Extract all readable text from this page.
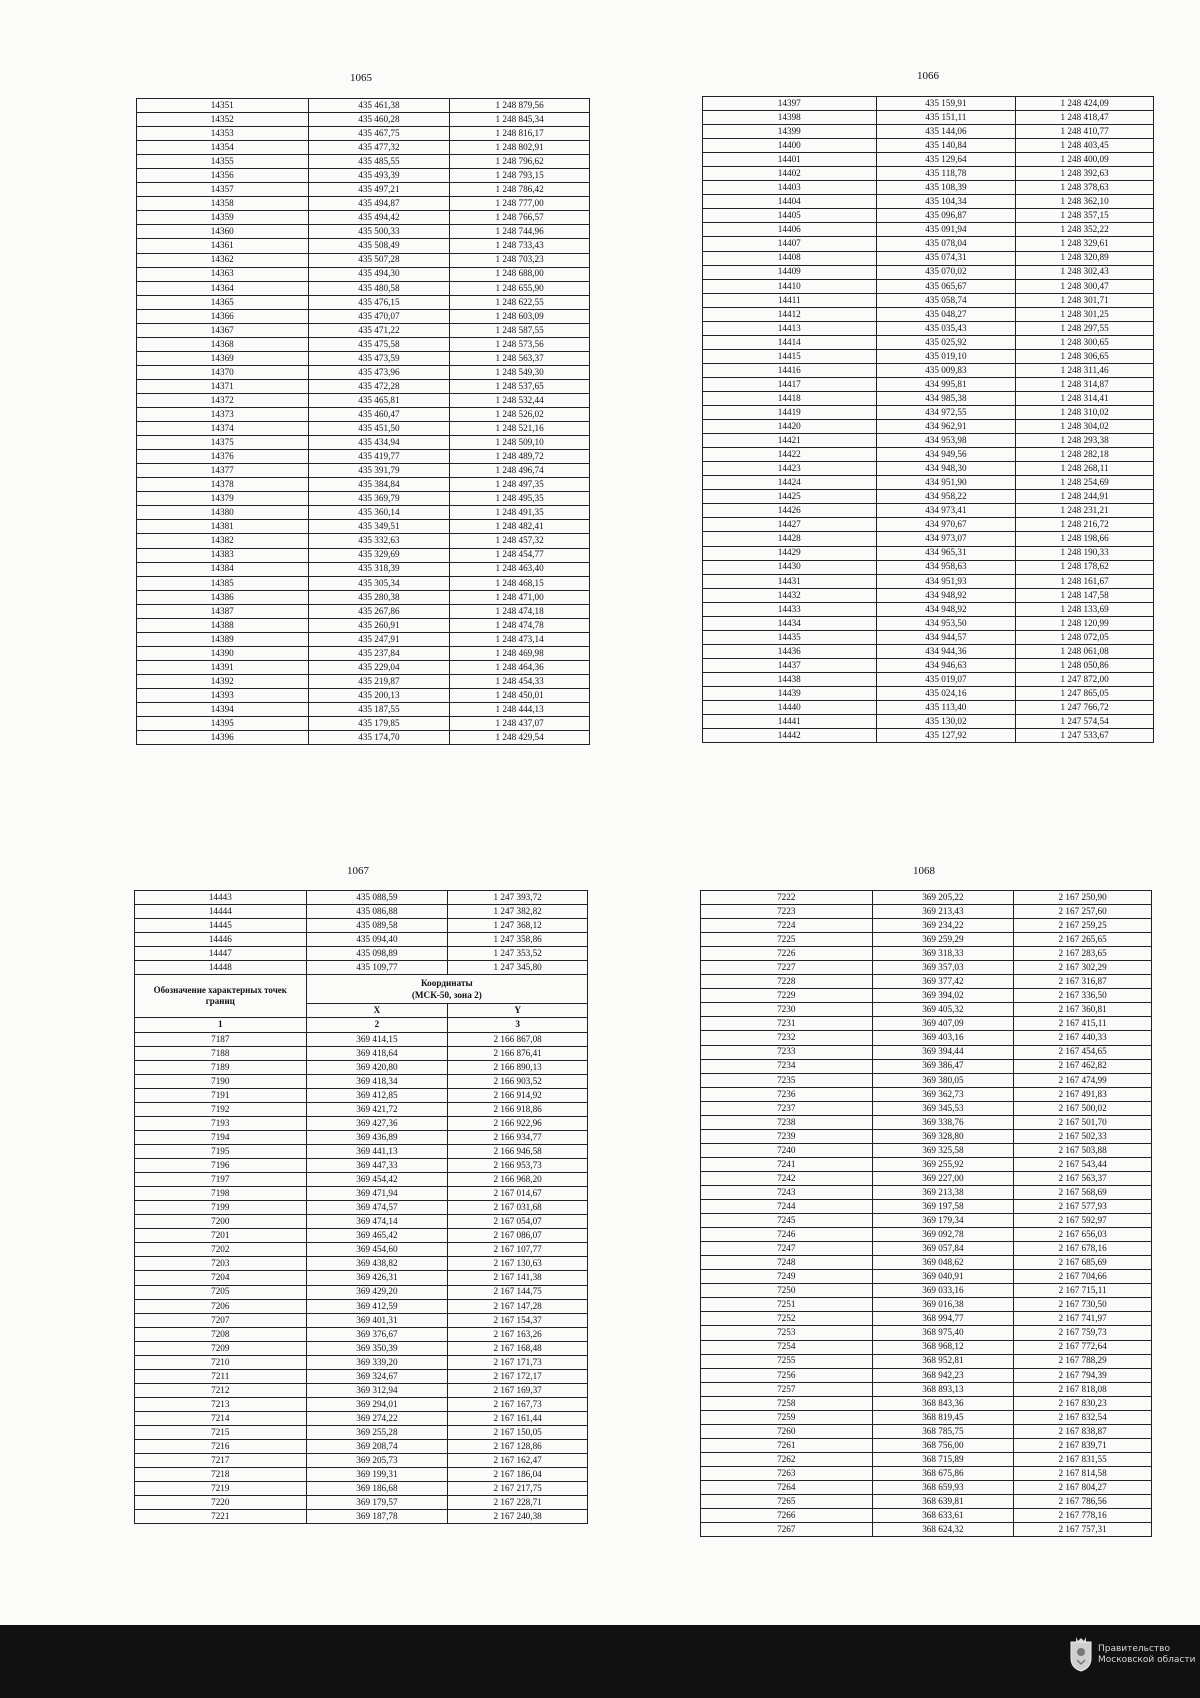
1065	1066
1067	1068
14351	435 461,38	1 248 879,56
14352	435 460,28	1 248 845,34
14353	435 467,75	1 248 816,17
14354	435 477,32	1 248 802,91
14355	435 485,55	1 248 796,62
14356	435 493,39	1 248 793,15
14357	435 497,21	1 248 786,42
14358	435 494,87	1 248 777,00
14359	435 494,42	1 248 766,57
14360	435 500,33	1 248 744,96
14361	435 508,49	1 248 733,43
14362	435 507,28	1 248 703,23
14363	435 494,30	1 248 688,00
14364	435 480,58	1 248 655,90
14365	435 476,15	1 248 622,55
14366	435 470,07	1 248 603,09
14367	435 471,22	1 248 587,55
14368	435 475,58	1 248 573,56
14369	435 473,59	1 248 563,37
14370	435 473,96	1 248 549,30
14371	435 472,28	1 248 537,65
14372	435 465,81	1 248 532,44
14373	435 460,47	1 248 526,02
14374	435 451,50	1 248 521,16
14375	435 434,94	1 248 509,10
14376	435 419,77	1 248 489,72
14377	435 391,79	1 248 496,74
14378	435 384,84	1 248 497,35
14379	435 369,79	1 248 495,35
14380	435 360,14	1 248 491,35
14381	435 349,51	1 248 482,41
14382	435 332,63	1 248 457,32
14383	435 329,69	1 248 454,77
14384	435 318,39	1 248 463,40
14385	435 305,34	1 248 468,15
14386	435 280,38	1 248 471,00
14387	435 267,86	1 248 474,18
14388	435 260,91	1 248 474,78
14389	435 247,91	1 248 473,14
14390	435 237,84	1 248 469,98
14391	435 229,04	1 248 464,36
14392	435 219,87	1 248 454,33
14393	435 200,13	1 248 450,01
14394	435 187,55	1 248 444,13
14395	435 179,85	1 248 437,07
14396	435 174,70	1 248 429,54
14397	435 159,91	1 248 424,09
14398	435 151,11	1 248 418,47
14399	435 144,06	1 248 410,77
14400	435 140,84	1 248 403,45
14401	435 129,64	1 248 400,09
14402	435 118,78	1 248 392,63
14403	435 108,39	1 248 378,63
14404	435 104,34	1 248 362,10
14405	435 096,87	1 248 357,15
14406	435 091,94	1 248 352,22
14407	435 078,04	1 248 329,61
14408	435 074,31	1 248 320,89
14409	435 070,02	1 248 302,43
14410	435 065,67	1 248 300,47
14411	435 058,74	1 248 301,71
14412	435 048,27	1 248 301,25
14413	435 035,43	1 248 297,55
14414	435 025,92	1 248 300,65
14415	435 019,10	1 248 306,65
14416	435 009,83	1 248 311,46
14417	434 995,81	1 248 314,87
14418	434 985,38	1 248 314,41
14419	434 972,55	1 248 310,02
14420	434 962,91	1 248 304,02
14421	434 953,98	1 248 293,38
14422	434 949,56	1 248 282,18
14423	434 948,30	1 248 268,11
14424	434 951,90	1 248 254,69
14425	434 958,22	1 248 244,91
14426	434 973,41	1 248 231,21
14427	434 970,67	1 248 216,72
14428	434 973,07	1 248 198,66
14429	434 965,31	1 248 190,33
14430	434 958,63	1 248 178,62
14431	434 951,93	1 248 161,67
14432	434 948,92	1 248 147,58
14433	434 948,92	1 248 133,69
14434	434 953,50	1 248 120,99
14435	434 944,57	1 248 072,05
14436	434 944,36	1 248 061,08
14437	434 946,63	1 248 050,86
14438	435 019,07	1 247 872,00
14439	435 024,16	1 247 865,05
14440	435 113,40	1 247 766,72
14441	435 130,02	1 247 574,54
14442	435 127,92	1 247 533,67
14443	435 088,59	1 247 393,72
14444	435 086,88	1 247 382,82
14445	435 089,58	1 247 368,12
14446	435 094,40	1 247 358,86
14447	435 098,89	1 247 353,52
14448	435 109,77	1 247 345,80
Обозначение характерных точек границ	Координаты
(МСК-50, зона 2)	

	X	Y
1	2	3
7187	369 414,15	2 166 867,08
7188	369 418,64	2 166 876,41
7189	369 420,80	2 166 890,13
7190	369 418,34	2 166 903,52
7191	369 412,85	2 166 914,92
7192	369 421,72	2 166 918,86
7193	369 427,36	2 166 922,96
7194	369 436,89	2 166 934,77
7195	369 441,13	2 166 946,58
7196	369 447,33	2 166 953,73
7197	369 454,42	2 166 968,20
7198	369 471,94	2 167 014,67
7199	369 474,57	2 167 031,68
7200	369 474,14	2 167 054,07
7201	369 465,42	2 167 086,07
7202	369 454,60	2 167 107,77
7203	369 438,82	2 167 130,63
7204	369 426,31	2 167 141,38
7205	369 429,20	2 167 144,75
7206	369 412,59	2 167 147,28
7207	369 401,31	2 167 154,37
7208	369 376,67	2 167 163,26
7209	369 350,39	2 167 168,48
7210	369 339,20	2 167 171,73
7211	369 324,67	2 167 172,17
7212	369 312,94	2 167 169,37
7213	369 294,01	2 167 167,73
7214	369 274,22	2 167 161,44
7215	369 255,28	2 167 150,05
7216	369 208,74	2 167 128,86
7217	369 205,73	2 167 162,47
7218	369 199,31	2 167 186,04
7219	369 186,68	2 167 217,75
7220	369 179,57	2 167 228,71
7221	369 187,78	2 167 240,38
7222	369 205,22	2 167 250,90
7223	369 213,43	2 167 257,60
7224	369 234,22	2 167 259,25
7225	369 259,29	2 167 265,65
7226	369 318,33	2 167 283,65
7227	369 357,03	2 167 302,29
7228	369 377,42	2 167 316,87
7229	369 394,02	2 167 336,50
7230	369 405,32	2 167 360,81
7231	369 407,09	2 167 415,11
7232	369 403,16	2 167 440,33
7233	369 394,44	2 167 454,65
7234	369 386,47	2 167 462,82
7235	369 380,05	2 167 474,99
7236	369 362,73	2 167 491,83
7237	369 345,53	2 167 500,02
7238	369 338,76	2 167 501,70
7239	369 328,80	2 167 502,33
7240	369 325,58	2 167 503,88
7241	369 255,92	2 167 543,44
7242	369 227,00	2 167 563,37
7243	369 213,38	2 167 568,69
7244	369 197,58	2 167 577,93
7245	369 179,34	2 167 592,97
7246	369 092,78	2 167 656,03
7247	369 057,84	2 167 678,16
7248	369 048,62	2 167 685,69
7249	369 040,91	2 167 704,66
7250	369 033,16	2 167 715,11
7251	369 016,38	2 167 730,50
7252	368 994,77	2 167 741,97
7253	368 975,40	2 167 759,73
7254	368 968,12	2 167 772,64
7255	368 952,81	2 167 788,29
7256	368 942,23	2 167 794,39
7257	368 893,13	2 167 818,08
7258	368 843,36	2 167 830,23
7259	368 819,45	2 167 832,54
7260	368 785,75	2 167 838,87
7261	368 756,00	2 167 839,71
7262	368 715,89	2 167 831,55
7263	368 675,86	2 167 814,58
7264	368 659,93	2 167 804,27
7265	368 639,81	2 167 786,56
7266	368 633,61	2 167 778,16
7267	368 624,32	2 167 757,31
Правительство
Московской области
